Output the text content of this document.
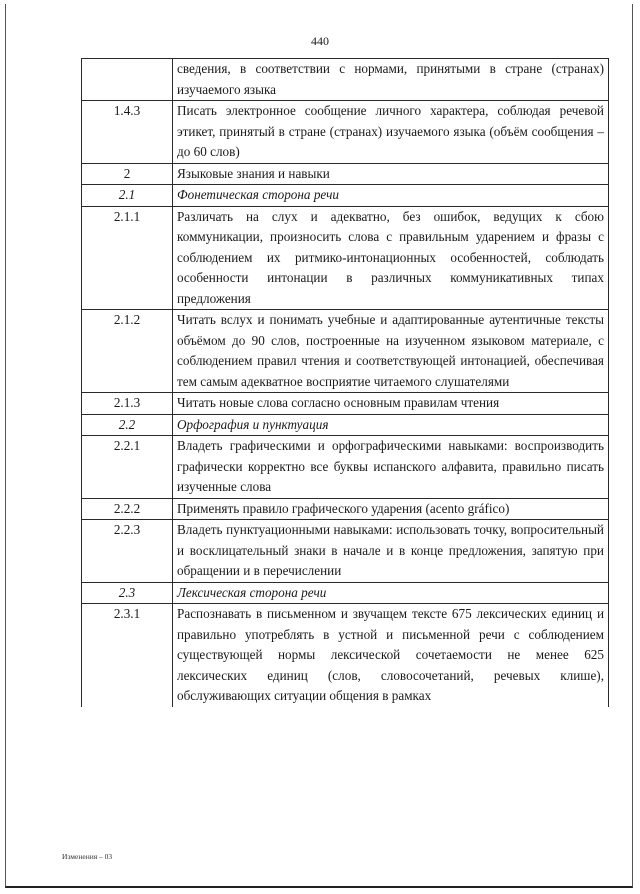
440
	сведения, в соответствии с нормами, принятыми в стране (странах) изучаемого языка
1.4.3	Писать электронное сообщение личного характера, соблюдая речевой этикет, принятый в стране (странах) изучаемого языка (объём сообщения – до 60 слов)
2	Языковые знания и навыки
2.1	Фонетическая сторона речи
2.1.1	Различать на слух и адекватно, без ошибок, ведущих к сбою коммуникации, произносить слова с правильным ударением и фразы с соблюдением их ритмико-интонационных особенностей, соблюдать особенности интонации в различных коммуникативных типах предложения
2.1.2	Читать вслух и понимать учебные и адаптированные аутентичные тексты объёмом до 90 слов, построенные на изученном языковом материале, с соблюдением правил чтения и соответствующей интонацией, обеспечивая тем самым адекватное восприятие читаемого слушателями
2.1.3	Читать новые слова согласно основным правилам чтения
2.2	Орфография и пунктуация
2.2.1	Владеть графическими и орфографическими навыками: воспроизводить графически корректно все буквы испанского алфавита, правильно писать изученные слова
2.2.2	Применять правило графического ударения (acento gráfico)
2.2.3	Владеть пунктуационными навыками: использовать точку, вопросительный и восклицательный знаки в начале и в конце предложения, запятую при обращении и в перечислении
2.3	Лексическая сторона речи
2.3.1	Распознавать в письменном и звучащем тексте 675 лексических единиц и правильно употреблять в устной и письменной речи с соблюдением существующей нормы лексической сочетаемости не менее 625 лексических единиц (слов, словосочетаний, речевых клише), обслуживающих ситуации общения в рамках
Изменения – 03
